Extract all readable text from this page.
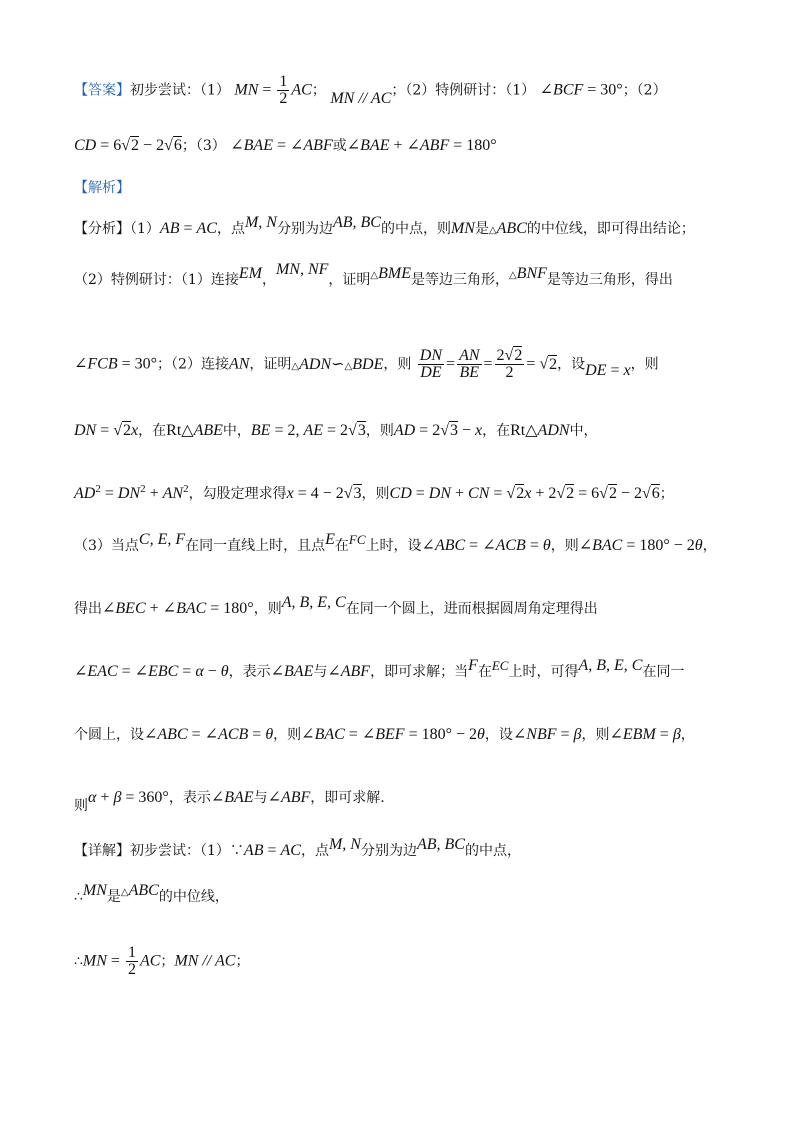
【答案】初步尝试：（1） MN = $\frac{1}{2}$ AC； MN // AC；（2）特例研讨：（1） ∠BCF = 30°；（2）
CD = 6√2 − 2√6；（3） ∠BAE = ∠ABF或∠BAE + ∠ABF = 180°
【解析】
【分析】（1）AB = AC，点M, N分别为边AB, BC的中点，则MN是△ABC的中位线，即可得出结论；
（2）特例研讨：（1）连接EM，MN, NF，证明△BME是等边三角形，△BNF是等边三角形，得出
∠FCB = 30°；（2）连接AN，证明△ADN∽△BDE，则 $\frac{DN}{DE} = \frac{AN}{BE} = \frac{2√2}{2} = √2$，设DE = x，则
DN = √2x，在Rt△ABE中，BE = 2, AE = 2√3，则AD = 2√3 − x，在Rt△ADN中，
$AD^2 = DN^2 + AN^2$，勾股定理求得x = 4 − 2√3，则CD = DN + CN = √2x + 2√2 = 6√2 − 2√6；
（3）当点C, E, F在同一直线上时，且点E在FC上时，设∠ABC = ∠ACB = θ，则∠BAC = 180° − 2θ，
得出∠BEC + ∠BAC = 180°，则A, B, E, C在同一个圆上，进而根据圆周角定理得出
∠EAC = ∠EBC = α − θ，表示∠BAE与∠ABF，即可求解；当F在EC上时，可得A, B, E, C在同一
个圆上，设∠ABC = ∠ACB = θ，则∠BAC = ∠BEF = 180° − 2θ，设∠NBF = β，则∠EBM = β，
则α + β = 360°，表示∠BAE与∠ABF，即可求解.
【详解】初步尝试：（1）∵AB = AC，点M, N分别为边AB, BC的中点，
∴MN是△ABC的中位线，
∴MN = $\frac{1}{2}$ AC；MN // AC；
